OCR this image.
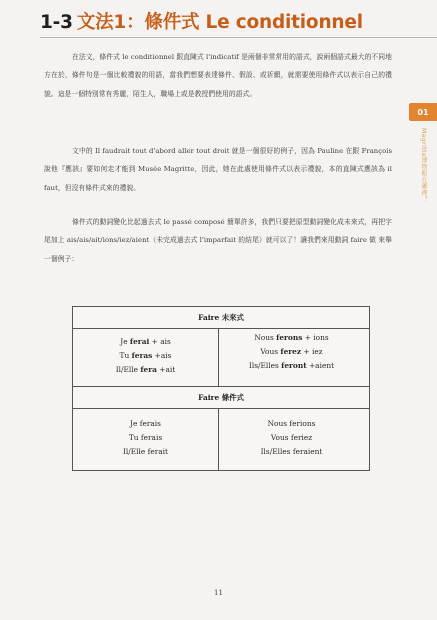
1-3 文法1：條件式 Le conditionnel
在法文，條件式 le conditionnel 跟直陳式 l'indicatif 是兩個非常常用的語式，說兩個語式最大的不同地方在於，條件句是一個比較禮貌的用語，當我們想要表達條件、假設、或祈願，就需要使用條件式以表示自己的禮貌。這是一個特別常有秀麗，陌生人，職場上或是教授們使用的語式。
文中的 Il faudrait tout d'abord aller tout droit 就是一個很好的例子，因為 Pauline 在跟 François 說他『應該』要如何走才能到 Musée Magritte，因此，她在此處使用條件式以表示禮貌，本的直陳式應該為 il faut，但沒有條件式來的禮貌。
條件式的動詞變化比起過去式 le passé composé 簡單許多，我們只要把原型動詞變化成未來式，再把字尾加上 ais/ais/ait/ions/iez/aient（未完成過去式 l'imparfait 的結尾）就可以了！讓我們來用動詞 faire 做 來舉一個例子：
01
Magritte博物館在哪裡？
Faire 未來式
Je ferai + ais
Tu feras +ais
Il/Elle fera +ait
Nous ferons + ions
Vous ferez + iez
Ils/Elles feront +aient
Faire 條件式
Je ferais
Tu ferais
Il/Elle ferait
Nous ferions
Vous feriez
Ils/Elles feraient
11
